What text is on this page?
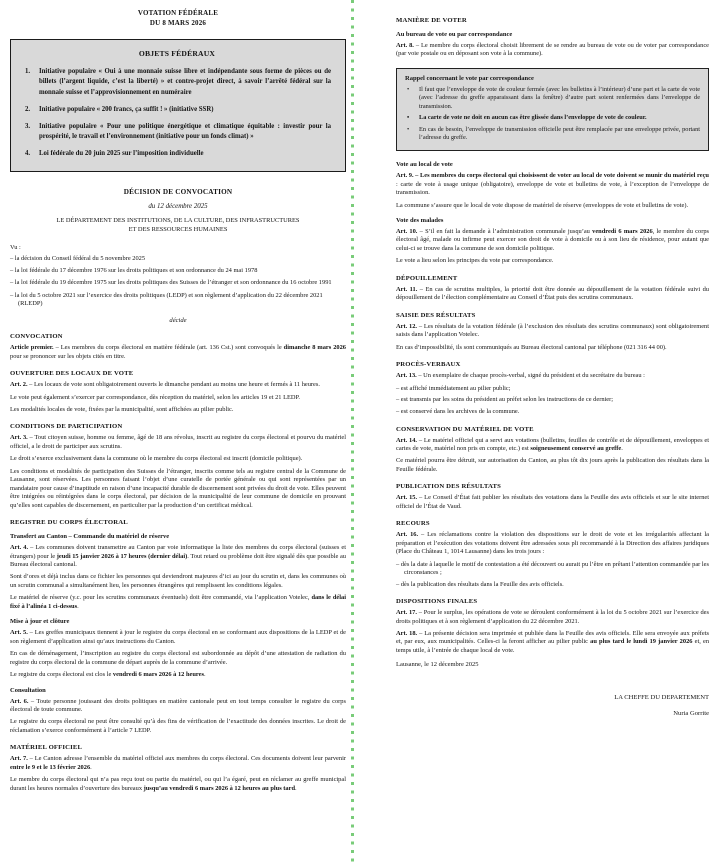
VOTATION FÉDÉRALE
DU 8 MARS 2026
OBJETS FÉDÉRAUX
1.	Initiative populaire « Oui à une monnaie suisse libre et indépendante sous forme de pièces ou de billets (l’argent liquide, c’est la liberté) » et contre-projet direct, à savoir l’arrêté fédéral sur la monnaie suisse et l’approvisionnement en numéraire
2.	Initiative populaire « 200 francs, ça suffit ! » (initiative SSR)
3.	Initiative populaire « Pour une politique énergétique et climatique équitable : investir pour la prospérité, le travail et l’environnement (initiative pour un fonds climat) »
4.	Loi fédérale du 20 juin 2025 sur l’imposition individuelle
DÉCISION DE CONVOCATION
du 12 décembre 2025
LE DÉPARTEMENT DES INSTITUTIONS, DE LA CULTURE, DES INFRASTRUCTURES
ET DES RESSOURCES HUMAINES
Vu :
– la décision du Conseil fédéral du 5 novembre 2025
– la loi fédérale du 17 décembre 1976 sur les droits politiques et son ordonnance du 24 mai 1978
– la loi fédérale du 19 décembre 1975 sur les droits politiques des Suisses de l’étranger et son ordonnance du 16 octobre 1991
– la loi du 5 octobre 2021 sur l’exercice des droits politiques (LEDP) et son règlement d’application du 22 décembre 2021 (RLEDP)
décide
CONVOCATION
Article premier. – Les membres du corps électoral en matière fédérale (art. 136 Cst.) sont convoqués le dimanche 8 mars 2026 pour se prononcer sur les objets cités en titre.
OUVERTURE DES LOCAUX DE VOTE
Art. 2. – Les locaux de vote sont obligatoirement ouverts le dimanche pendant au moins une heure et fermés à 11 heures.
Le vote peut également s’exercer par correspondance, dès réception du matériel, selon les articles 19 et 21 LEDP.
Les modalités locales de vote, fixées par la municipalité, sont affichées au pilier public.
CONDITIONS DE PARTICIPATION
Art. 3. – Tout citoyen suisse, homme ou femme, âgé de 18 ans révolus, inscrit au registre du corps électoral et pourvu du matériel officiel, a le droit de participer aux scrutins.
Le droit s’exerce exclusivement dans la commune où le membre du corps électoral est inscrit (domicile politique).
Les conditions et modalités de participation des Suisses de l’étranger, inscrits comme tels au registre central de la Commune de Lausanne, sont réservées. Les personnes faisant l’objet d’une curatelle de portée générale ou qui sont représentées par un mandataire pour cause d’inaptitude en raison d’une incapacité durable de discernement sont privées du droit de vote. Elles peuvent être intégrées ou réintégrées dans le corps électoral, par décision de la municipalité de leur commune de domicile en prouvant qu’elles sont capables de discernement, en particulier par la production d’un certificat médical.
REGISTRE DU CORPS ÉLECTORAL
Transfert au Canton – Commande du matériel de réserve
Art. 4. – Les communes doivent transmettre au Canton par voie informatique la liste des membres du corps électoral (suisses et étrangers) pour le jeudi 15 janvier 2026 à 17 heures (dernier délai). Tout retard ou problème doit être signalé dès que possible au Bureau électoral cantonal.
Sont d’ores et déjà inclus dans ce fichier les personnes qui deviendront majeures d’ici au jour du scrutin et, dans les communes où un scrutin communal a simultanément lieu, les personnes étrangères qui remplissent les conditions légales.
Le matériel de réserve (y.c. pour les scrutins communaux éventuels) doit être commandé, via l’application Votelec, dans le délai fixé à l’alinéa 1 ci-dessus.
Mise à jour et clôture
Art. 5. – Les greffes municipaux tiennent à jour le registre du corps électoral en se conformant aux dispositions de la LEDP et de son règlement d’application ainsi qu’aux instructions du Canton.
En cas de déménagement, l’inscription au registre du corps électoral est subordonnée au dépôt d’une attestation de radiation du registre du corps électoral de la commune de départ auprès de la commune d’arrivée.
Le registre du corps électoral est clos le vendredi 6 mars 2026 à 12 heures.
Consultation
Art. 6. – Toute personne jouissant des droits politiques en matière cantonale peut en tout temps consulter le registre du corps électoral de toute commune.
Le registre du corps électoral ne peut être consulté qu’à des fins de vérification de l’exactitude des données inscrites. Le droit de réclamation s’exerce conformément à l’article 7 LEDP.
MATÉRIEL OFFICIEL
Art. 7. – Le Canton adresse l’ensemble du matériel officiel aux membres du corps électoral. Ces documents doivent leur parvenir entre le 9 et le 13 février 2026.
Le membre du corps électoral qui n’a pas reçu tout ou partie du matériel, ou qui l’a égaré, peut en réclamer au greffe municipal durant les heures normales d’ouverture des bureaux jusqu’au vendredi 6 mars 2026 à 12 heures au plus tard.
MANIÈRE DE VOTER
Au bureau de vote ou par correspondance
Art. 8. – Le membre du corps électoral choisit librement de se rendre au bureau de vote ou de voter par correspondance (par voie postale ou en déposant son vote à la commune).
Rappel concernant le vote par correspondance
•	Il faut que l’enveloppe de vote de couleur fermée (avec les bulletins à l’intérieur) d’une part et la carte de vote (avec l’adresse du greffe apparaissant dans la fenêtre) d’autre part soient renfermées dans l’enveloppe de transmission.
•	La carte de vote ne doit en aucun cas être glissée dans l’enveloppe de vote de couleur.
•	En cas de besoin, l’enveloppe de transmission officielle peut être remplacée par une enveloppe privée, portant l’adresse du greffe.
Vote au local de vote
Art. 9. – Les membres du corps électoral qui choisissent de voter au local de vote doivent se munir du matériel reçu : carte de vote à usage unique (obligatoire), enveloppe de vote et bulletins de vote, à l’exception de l’enveloppe de transmission.
La commune s’assure que le local de vote dispose de matériel de réserve (enveloppes de vote et bulletins de vote).
Vote des malades
Art. 10. – S’il en fait la demande à l’administration communale jusqu’au vendredi 6 mars 2026, le membre du corps électoral âgé, malade ou infirme peut exercer son droit de vote à domicile ou à son lieu de résidence, pour autant que celui-ci se trouve dans la commune de son domicile politique.
Le vote a lieu selon les principes du vote par correspondance.
DÉPOUILLEMENT
Art. 11. – En cas de scrutins multiples, la priorité doit être donnée au dépouillement de la votation fédérale suivi du dépouillement de l’élection complémentaire au Conseil d’État puis des scrutins communaux.
SAISIE DES RÉSULTATS
Art. 12. – Les résultats de la votation fédérale (à l’exclusion des résultats des scrutins communaux) sont obligatoirement saisis dans l’application Votelec.
En cas d’impossibilité, ils sont communiqués au Bureau électoral cantonal par téléphone (021 316 44 00).
PROCÈS-VERBAUX
Art. 13. – Un exemplaire de chaque procès-verbal, signé du président et du secrétaire du bureau :
– est affiché immédiatement au pilier public;
– est transmis par les soins du président au préfet selon les instructions de ce dernier;
– est conservé dans les archives de la commune.
CONSERVATION DU MATÉRIEL DE VOTE
Art. 14. – Le matériel officiel qui a servi aux votations (bulletins, feuilles de contrôle et de dépouillement, enveloppes et cartes de vote, matériel non pris en compte, etc.) est soigneusement conservé au greffe.
Ce matériel pourra être détruit, sur autorisation du Canton, au plus tôt dix jours après la publication des résultats dans la Feuille fédérale.
PUBLICATION DES RÉSULTATS
Art. 15. – Le Conseil d’État fait publier les résultats des votations dans la Feuille des avis officiels et sur le site internet officiel de l’État de Vaud.
RECOURS
Art. 16. – Les réclamations contre la violation des dispositions sur le droit de vote et les irrégularités affectant la préparation et l’exécution des votations doivent être adressées sous pli recommandé à la Direction des affaires juridiques (Place du Château 1, 1014 Lausanne) dans les trois jours :
– dès la date à laquelle le motif de contestation a été découvert ou aurait pu l’être en prêtant l’attention commandée par les circonstances ;
– dès la publication des résultats dans la Feuille des avis officiels.
DISPOSITIONS FINALES
Art. 17. – Pour le surplus, les opérations de vote se déroulent conformément à la loi du 5 octobre 2021 sur l’exercice des droits politiques et à son règlement d’application du 22 décembre 2021.
Art. 18. – La présente décision sera imprimée et publiée dans la Feuille des avis officiels. Elle sera envoyée aux préfets et, par eux, aux municipalités. Celles-ci la feront afficher au pilier public au plus tard le lundi 19 janvier 2026 et, en temps utile, à l’entrée de chaque local de vote.
Lausanne, le 12 décembre 2025
LA CHEFFE DU DEPARTEMENT
Nuria Gorrite
